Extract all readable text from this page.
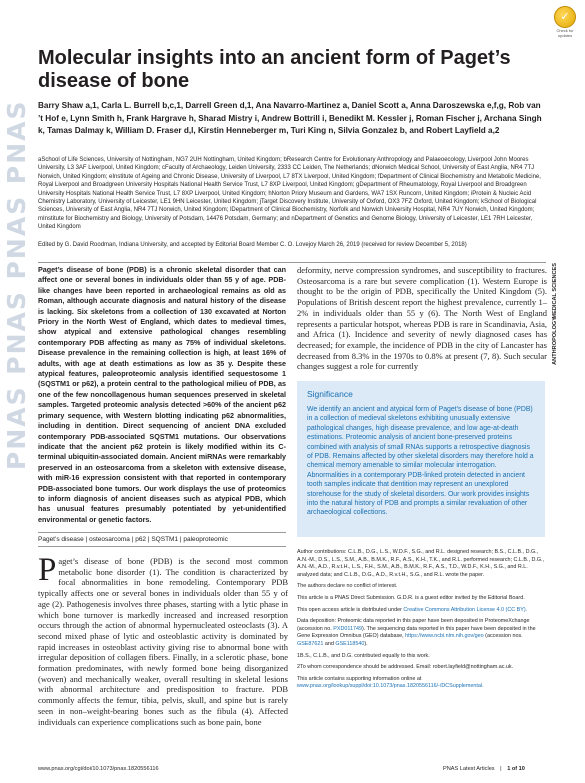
PNAS PNAS PNAS PNAS
✓
Check for updates
Molecular insights into an ancient form of Paget’s disease of bone
Barry Shaw a,1, Carla L. Burrell b,c,1, Darrell Green d,1, Ana Navarro-Martinez a, Daniel Scott a, Anna Daroszewska e,f,g, Rob van ’t Hof e, Lynn Smith h, Frank Hargrave h, Sharad Mistry i, Andrew Bottrill i, Benedikt M. Kessler j, Roman Fischer j, Archana Singh k, Tamas Dalmay k, William D. Fraser d,l, Kirstin Henneberger m, Turi King n, Silvia Gonzalez b, and Robert Layfield a,2
aSchool of Life Sciences, University of Nottingham, NG7 2UH Nottingham, United Kingdom; bResearch Centre for Evolutionary Anthropology and Palaeoecology, Liverpool John Moores University, L3 3AF Liverpool, United Kingdom; cFaculty of Archaeology, Leiden University, 2333 CC Leiden, The Netherlands; dNorwich Medical School, University of East Anglia, NR4 7TJ Norwich, United Kingdom; eInstitute of Ageing and Chronic Disease, University of Liverpool, L7 8TX Liverpool, United Kingdom; fDepartment of Clinical Biochemistry and Metabolic Medicine, Royal Liverpool and Broadgreen University Hospitals National Health Service Trust, L7 8XP Liverpool, United Kingdom; gDepartment of Rheumatology, Royal Liverpool and Broadgreen University Hospitals National Health Service Trust, L7 8XP Liverpool, United Kingdom; hNorton Priory Museum and Gardens, WA7 1SX Runcorn, United Kingdom; iProtein & Nucleic Acid Chemistry Laboratory, University of Leicester, LE1 9HN Leicester, United Kingdom; jTarget Discovery Institute, University of Oxford, OX3 7FZ Oxford, United Kingdom; kSchool of Biological Sciences, University of East Anglia, NR4 7TJ Norwich, United Kingdom; lDepartment of Clinical Biochemistry, Norfolk and Norwich University Hospital, NR4 7UY Norwich, United Kingdom; mInstitute for Biochemistry and Biology, University of Potsdam, 14476 Potsdam, Germany; and nDepartment of Genetics and Genome Biology, University of Leicester, LE1 7RH Leicester, United Kingdom
Edited by G. David Roodman, Indiana University, and accepted by Editorial Board Member C. O. Lovejoy March 26, 2019 (received for review December 5, 2018)
Paget’s disease of bone (PDB) is a chronic skeletal disorder that can affect one or several bones in individuals older than 55 y of age. PDB-like changes have been reported in archaeological remains as old as Roman, although accurate diagnosis and natural history of the disease is lacking. Six skeletons from a collection of 130 excavated at Norton Priory in the North West of England, which dates to medieval times, show atypical and extensive pathological changes resembling contemporary PDB affecting as many as 75% of individual skeletons. Disease prevalence in the remaining collection is high, at least 16% of adults, with age at death estimations as low as 35 y. Despite these atypical features, paleoproteomic analysis identified sequestosome 1 (SQSTM1 or p62), a protein central to the pathological milieu of PDB, as one of the few noncollagenous human sequences preserved in skeletal samples. Targeted proteomic analysis detected >60% of the ancient p62 primary sequence, with Western blotting indicating p62 abnormalities, including in dentition. Direct sequencing of ancient DNA excluded contemporary PDB-associated SQSTM1 mutations. Our observations indicate that the ancient p62 protein is likely modified within its C-terminal ubiquitin-associated domain. Ancient miRNAs were remarkably preserved in an osteosarcoma from a skeleton with extensive disease, with miR-16 expression consistent with that reported in contemporary PDB-associated bone tumors. Our work displays the use of proteomics to inform diagnosis of ancient diseases such as atypical PDB, which has unusual features presumably potentiated by yet-unidentified environmental or genetic factors.
Paget’s disease | osteosarcoma | p62 | SQSTM1 | paleoproteomic
Paget’s disease of bone (PDB) is the second most common metabolic bone disorder (1). The condition is characterized by focal abnormalities in bone remodeling. Contemporary PDB typically affects one or several bones in individuals older than 55 y of age (2). Pathogenesis involves three phases, starting with a lytic phase in which bone turnover is markedly increased and increased resorption occurs through the action of abnormal hypernucleated osteoclasts (3). A second mixed phase of lytic and osteoblastic activity is dominated by rapid increases in osteoblast activity giving rise to abnormal bone with irregular deposition of collagen fibers. Finally, in a sclerotic phase, bone formation predominates, with newly formed bone being disorganized (woven) and mechanically weaker, overall resulting in skeletal lesions with abnormal architecture and predisposition to fracture. PDB commonly affects the femur, tibia, pelvis, skull, and spine but is rarely seen in non–weight-bearing bones such as the fibula (4). Affected individuals can experience complications such as bone pain, bone
deformity, nerve compression syndromes, and susceptibility to fractures. Osteosarcoma is a rare but severe complication (1). Western Europe is thought to be the origin of PDB, specifically the United Kingdom (5). Populations of British descent report the highest prevalence, currently 1–2% in individuals older than 55 y (6). The North West of England represents a particular hotspot, whereas PDB is rare in Scandinavia, Asia, and Africa (1). Incidence and severity of newly diagnosed cases has decreased; for example, the incidence of PDB in the city of Lancaster has decreased from 8.3% in the 1970s to 0.8% at present (7, 8). Such secular changes suggest a role for currently
Significance

We identify an ancient and atypical form of Paget’s disease of bone (PDB) in a collection of medieval skeletons exhibiting unusually extensive pathological changes, high disease prevalence, and low age-at-death estimations. Proteomic analysis of ancient bone-preserved proteins combined with analysis of small RNAs supports a retrospective diagnosis of PDB. Remains affected by other skeletal disorders may therefore hold a chemical memory amenable to similar molecular interrogation. Abnormalities in a contemporary PDB-linked protein detected in ancient tooth samples indicate that dentition may represent an unexplored storehouse for the study of skeletal disorders. Our work provides insights into the natural history of PDB and prompts a similar revaluation of other archaeological collections.

MEDICAL SCIENCES
ANTHROPOLOGY

Author contributions: C.L.B., D.G., L.S., W.D.F., S.G., and R.L. designed research; B.S., C.L.B., D.G., A.N.-M., D.S., L.S., S.M., A.B., B.M.K., R.F., A.S., K.H., T.K., and R.L. performed research; C.L.B., D.G., A.N.-M., A.D., R.v.t.H., L.S., F.H., S.M., A.B., B.M.K., R.F., A.S., T.D., W.D.F., K.H., S.G., and R.L. analyzed data; and C.L.B., D.G., A.D., R.v.t.H., S.G., and R.L. wrote the paper.

The authors declare no conflict of interest.

This article is a PNAS Direct Submission. G.D.R. is a guest editor invited by the Editorial Board.

This open access article is distributed under Creative Commons Attribution License 4.0 (CC BY).

Data deposition: Proteomic data reported in this paper have been deposited in ProteomeXchange (accession no. PXD011749). The sequencing data reported in this paper have been deposited in the Gene Expression Omnibus (GEO) database, https://www.ncbi.nlm.nih.gov/geo (accession nos. GSE87621 and GSE118540).

1B.S., C.L.B., and D.G. contributed equally to this work.

2To whom correspondence should be addressed. Email: robert.layfield@nottingham.ac.uk.

This article contains supporting information online at www.pnas.org/lookup/suppl/doi:10.1073/pnas.1820556116/-/DCSupplemental.

www.pnas.org/cgi/doi/10.1073/pnas.1820556116	PNAS Latest Articles | 1 of 10
